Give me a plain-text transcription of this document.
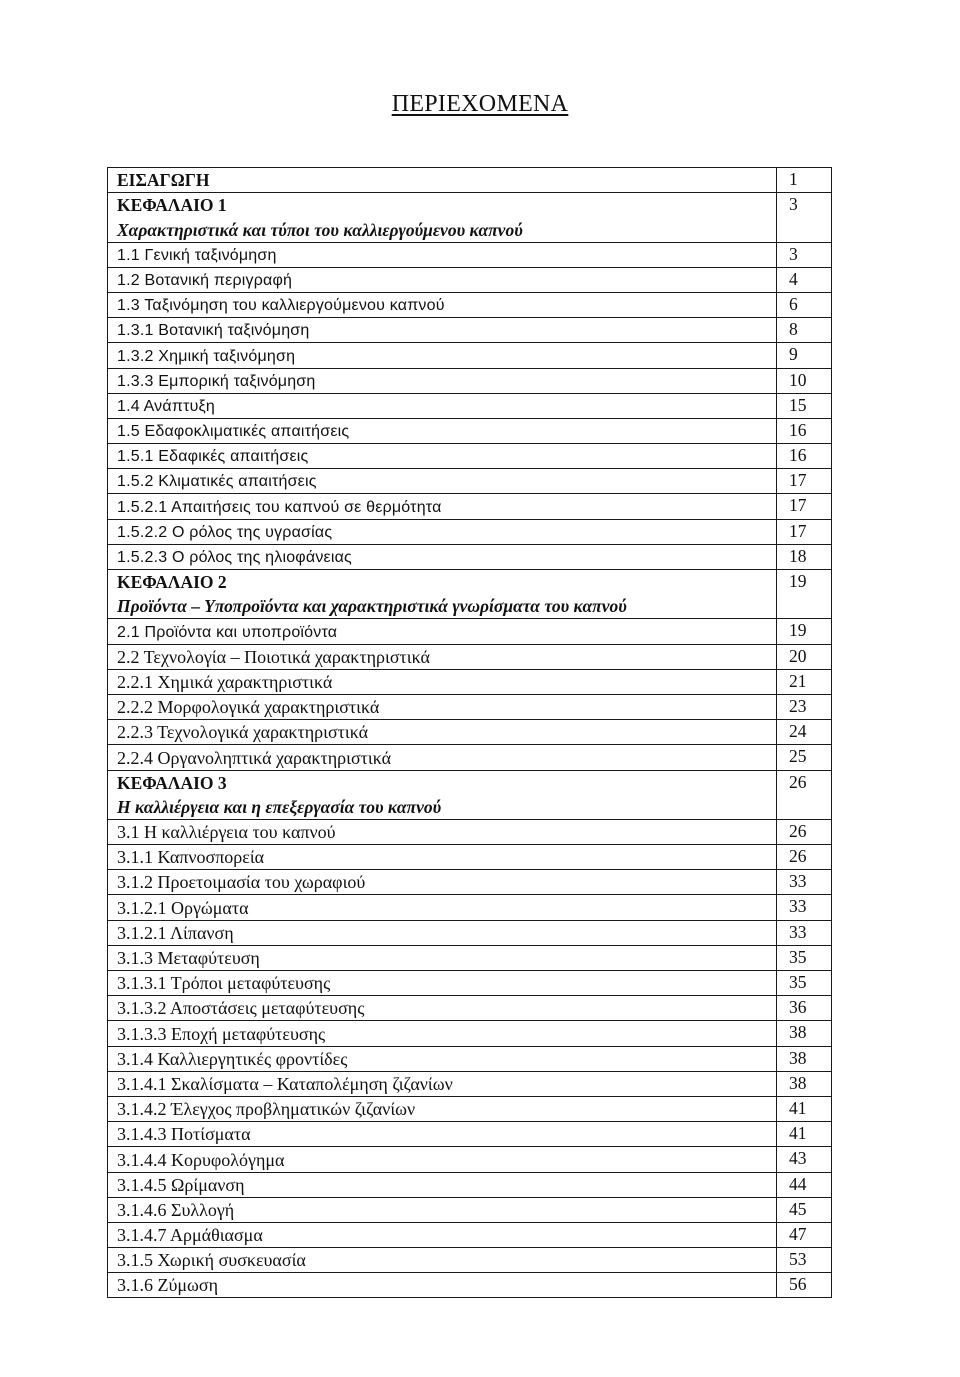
ΠΕΡΙΕΧΟΜΕΝΑ
ΕΙΣΑΓΩΓΗ	1
ΚΕΦΑΛΑΙΟ 1	3
Χαρακτηριστικά και τύποι του καλλιεργούμενου καπνού	
1.1 Γενική ταξινόμηση	3
1.2 Βοτανική περιγραφή	4
1.3 Ταξινόμηση του καλλιεργούμενου καπνού	6
1.3.1 Βοτανική ταξινόμηση	8
1.3.2 Χημική ταξινόμηση	9
1.3.3 Εμπορική ταξινόμηση	10
1.4 Ανάπτυξη	15
1.5 Εδαφοκλιματικές απαιτήσεις	16
1.5.1 Εδαφικές απαιτήσεις	16
1.5.2 Κλιματικές απαιτήσεις	17
1.5.2.1 Απαιτήσεις του καπνού σε θερμότητα	17
1.5.2.2 Ο ρόλος της υγρασίας	17
1.5.2.3 Ο ρόλος της ηλιοφάνειας	18
ΚΕΦΑΛΑΙΟ 2	19
Προϊόντα – Υποπροϊόντα και χαρακτηριστικά γνωρίσματα του καπνού	
2.1 Προϊόντα και υποπροϊόντα	19
2.2 Τεχνολογία – Ποιοτικά χαρακτηριστικά	20
2.2.1 Χημικά χαρακτηριστικά	21
2.2.2 Μορφολογικά χαρακτηριστικά	23
2.2.3 Τεχνολογικά χαρακτηριστικά	24
2.2.4 Οργανοληπτικά χαρακτηριστικά	25
ΚΕΦΑΛΑΙΟ 3	26
Η καλλιέργεια και η επεξεργασία του καπνού	
3.1 Η καλλιέργεια του καπνού	26
3.1.1 Καπνοσπορεία	26
3.1.2 Προετοιμασία του χωραφιού	33
3.1.2.1 Οργώματα	33
3.1.2.1 Λίπανση	33
3.1.3 Μεταφύτευση	35
3.1.3.1 Τρόποι μεταφύτευσης	35
3.1.3.2 Αποστάσεις μεταφύτευσης	36
3.1.3.3 Εποχή μεταφύτευσης	38
3.1.4 Καλλιεργητικές φροντίδες	38
3.1.4.1 Σκαλίσματα – Καταπολέμηση ζιζανίων	38
3.1.4.2 Έλεγχος προβληματικών ζιζανίων	41
3.1.4.3 Ποτίσματα	41
3.1.4.4 Κορυφολόγημα	43
3.1.4.5 Ωρίμανση	44
3.1.4.6 Συλλογή	45
3.1.4.7 Αρμάθιασμα	47
3.1.5 Χωρική συσκευασία	53
3.1.6 Ζύμωση	56
